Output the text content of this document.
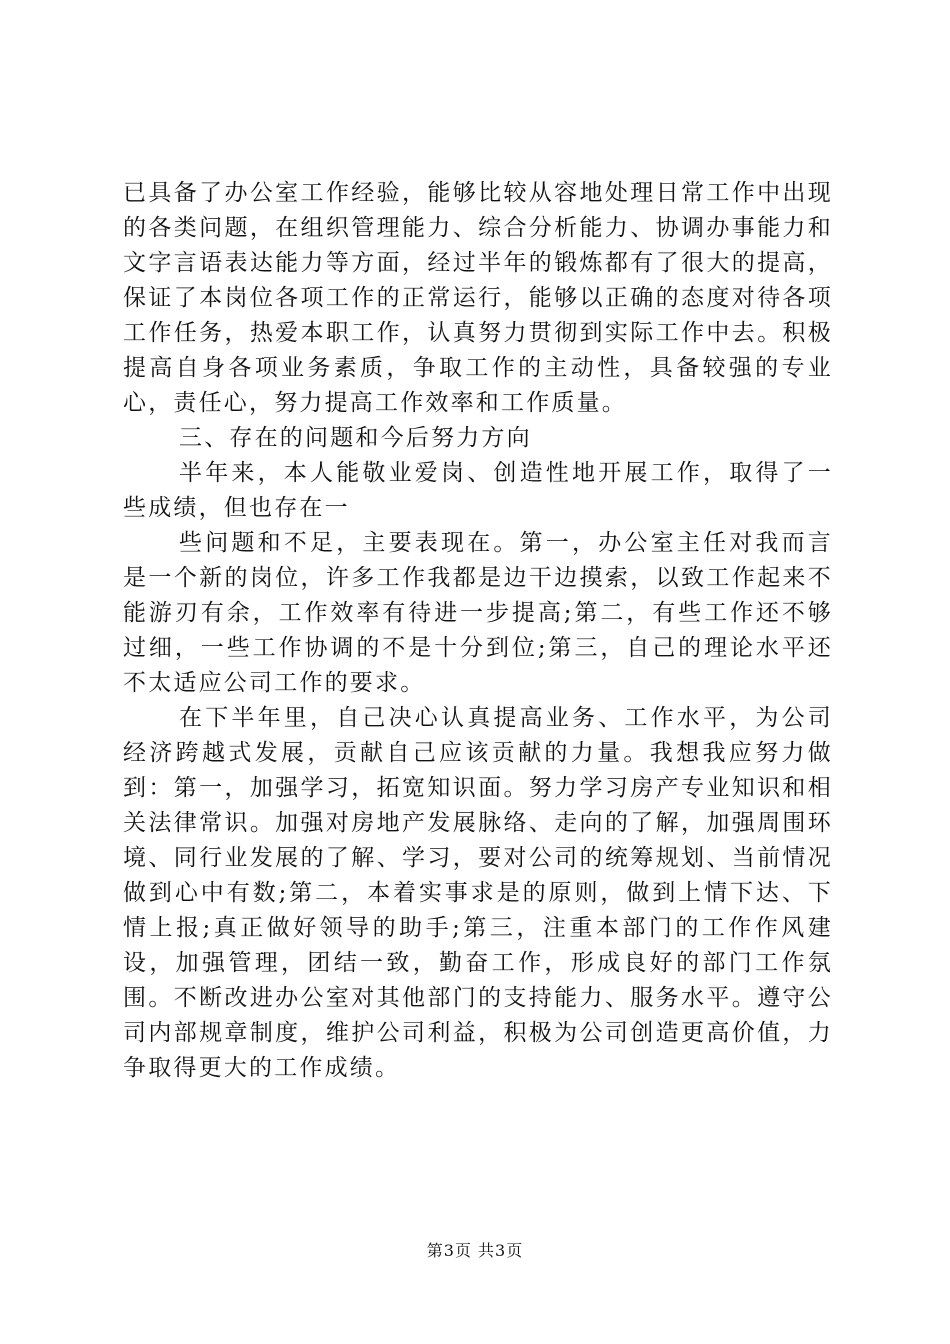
已具备了办公室工作经验，能够比较从容地处理日常工作中出现的各类问题，在组织管理能力、综合分析能力、协调办事能力和文字言语表达能力等方面，经过半年的锻炼都有了很大的提高，保证了本岗位各项工作的正常运行，能够以正确的态度对待各项工作任务，热爱本职工作，认真努力贯彻到实际工作中去。积极提高自身各项业务素质，争取工作的主动性，具备较强的专业心，责任心，努力提高工作效率和工作质量。

三、存在的问题和今后努力方向

半年来，本人能敬业爱岗、创造性地开展工作，取得了一些成绩，但也存在一

些问题和不足，主要表现在。第一，办公室主任对我而言是一个新的岗位，许多工作我都是边干边摸索，以致工作起来不能游刃有余，工作效率有待进一步提高;第二，有些工作还不够过细，一些工作协调的不是十分到位;第三，自己的理论水平还不太适应公司工作的要求。

在下半年里，自己决心认真提高业务、工作水平，为公司经济跨越式发展，贡献自己应该贡献的力量。我想我应努力做到：第一，加强学习，拓宽知识面。努力学习房产专业知识和相关法律常识。加强对房地产发展脉络、走向的了解，加强周围环境、同行业发展的了解、学习，要对公司的统筹规划、当前情况做到心中有数;第二，本着实事求是的原则，做到上情下达、下情上报;真正做好领导的助手;第三，注重本部门的工作作风建设，加强管理，团结一致，勤奋工作，形成良好的部门工作氛围。不断改进办公室对其他部门的支持能力、服务水平。遵守公司内部规章制度，维护公司利益，积极为公司创造更高价值，力争取得更大的工作成绩。

第3页 共3页
